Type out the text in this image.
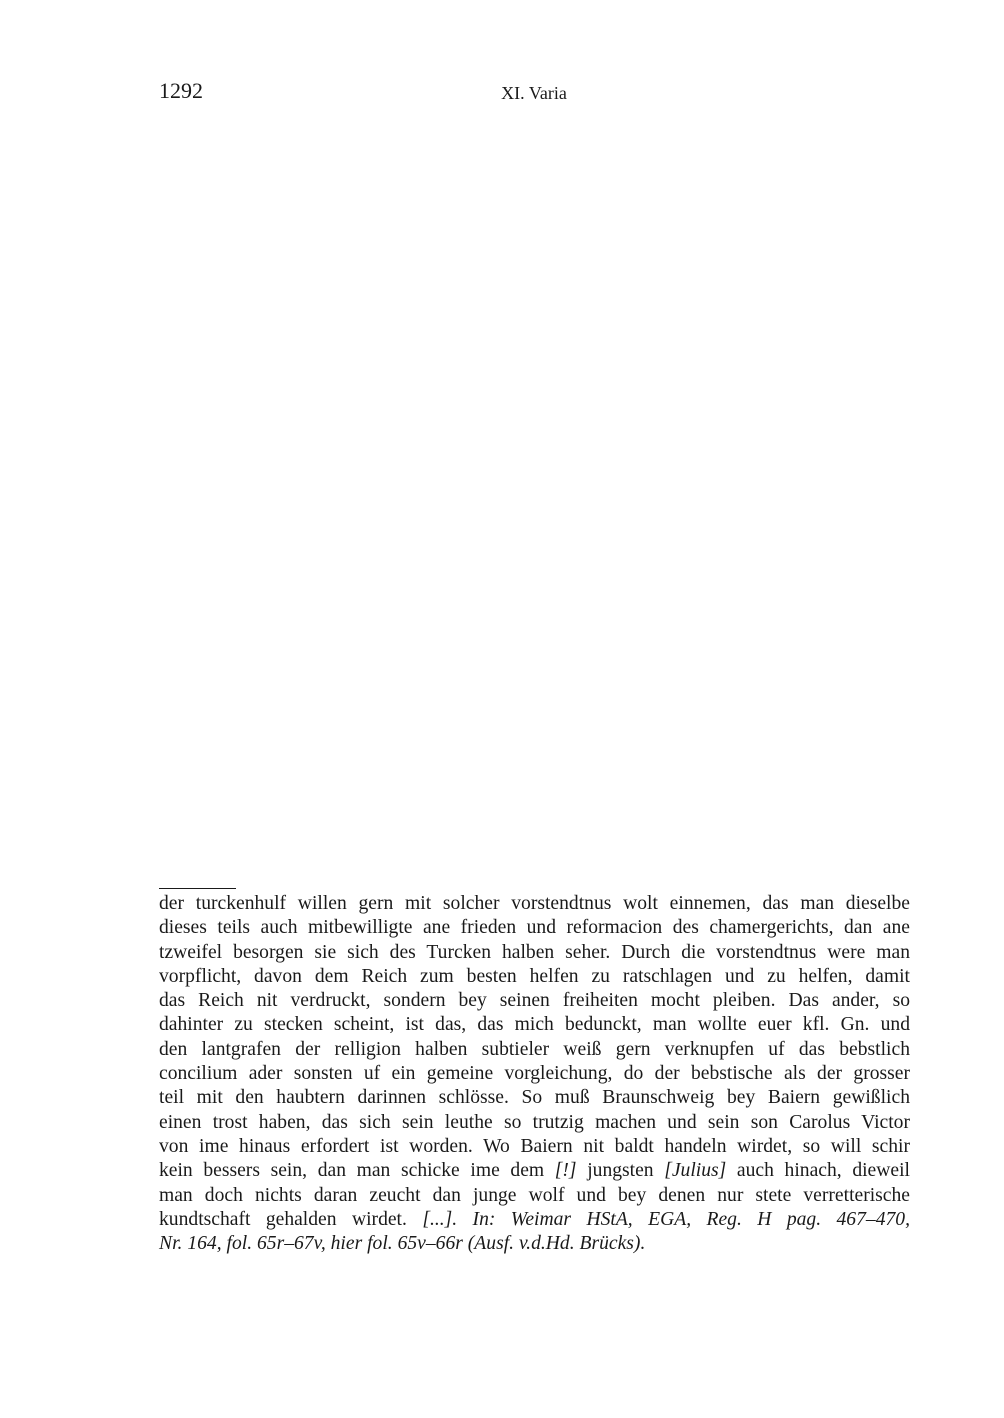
1292	XI. Varia
der turckenhulf willen gern mit solcher vorstendtnus wolt einnemen, das man dieselbe
dieses teils auch mitbewilligte ane frieden und reformacion des chamergerichts, dan ane
tzweifel besorgen sie sich des Turcken halben seher. Durch die vorstendtnus were man
vorpflicht, davon dem Reich zum besten helfen zu ratschlagen und zu helfen, damit
das Reich nit verdruckt, sondern bey seinen freiheiten mocht pleiben. Das ander, so
dahinter zu stecken scheint, ist das, das mich bedunckt, man wollte euer kfl. Gn. und
den lantgrafen der relligion halben subtieler weiß gern verknupfen uf das bebstlich
concilium ader sonsten uf ein gemeine vorgleichung, do der bebstische als der grosser
teil mit den haubtern darinnen schlösse. So muß Braunschweig bey Baiern gewißlich
einen trost haben, das sich sein leuthe so trutzig machen und sein son Carolus Victor
von ime hinaus erfordert ist worden. Wo Baiern nit baldt handeln wirdet, so will schir
kein bessers sein, dan man schicke ime dem [!] jungsten [Julius] auch hinach, dieweil
man doch nichts daran zeucht dan junge wolf und bey denen nur stete verretterische
kundtschaft gehalden wirdet. [...]. In: Weimar HStA, EGA, Reg. H pag. 467–470,
Nr. 164, fol. 65r–67v, hier fol. 65v–66r (Ausf. v.d.Hd. Brücks).
